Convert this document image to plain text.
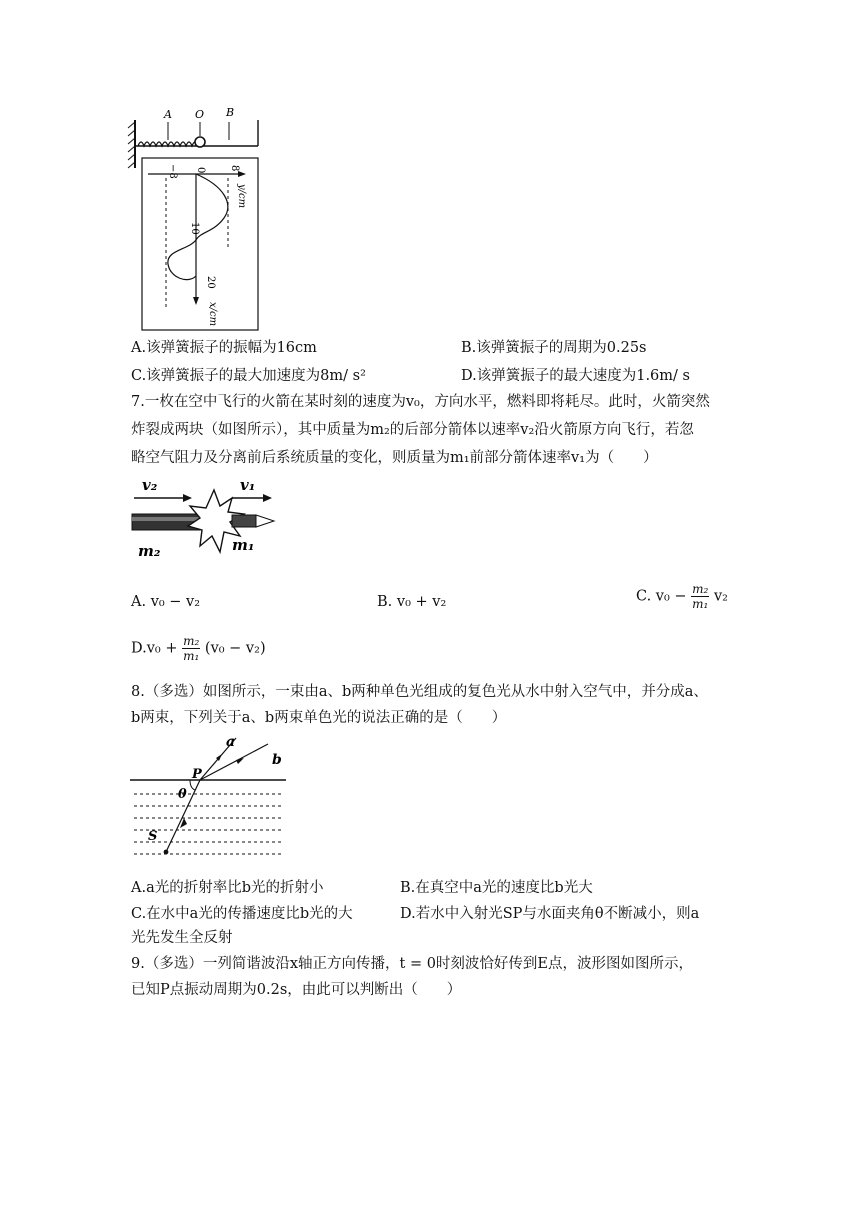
A O B
−8 0 8
y/cm
10
20
x/cm
A.该弹簧振子的振幅为16cm	B.该弹簧振子的周期为0.25s
C.该弹簧振子的最大加速度为8m/ s²	D.该弹簧振子的最大速度为1.6m/ s
7.一枚在空中飞行的火箭在某时刻的速度为v₀，方向水平，燃料即将耗尽。此时，火箭突然
炸裂成两块（如图所示），其中质量为m₂的后部分箭体以速率v₂沿火箭原方向飞行，若忽
略空气阻力及分离前后系统质量的变化，则质量为m₁前部分箭体速率v₁为（　　）
v₂	v₁
m₂	m₁
A. v₀ − v₂	B. v₀ + v₂	C. $v_0 - \frac{\text{m₂}}{\text{m₁}} v_2$
$D.v_0 + \frac{\text{m₂}}{\text{m₁}} (v_0 - v_2)$
8.（多选）如图所示，一束由a、b两种单色光组成的复色光从水中射入空气中，并分成a、
b两束，下列关于a、b两束单色光的说法正确的是（　　）
a
b
P
θ
S
A.a光的折射率比b光的折射小	B.在真空中a光的速度比b光大
C.在水中a光的传播速度比b光的大	D.若水中入射光SP与水面夹角θ不断减小，则a
光先发生全反射
9.（多选）一列简谐波沿x轴正方向传播，t = 0时刻波恰好传到E点，波形图如图所示，
已知P点振动周期为0.2s，由此可以判断出（　　）
